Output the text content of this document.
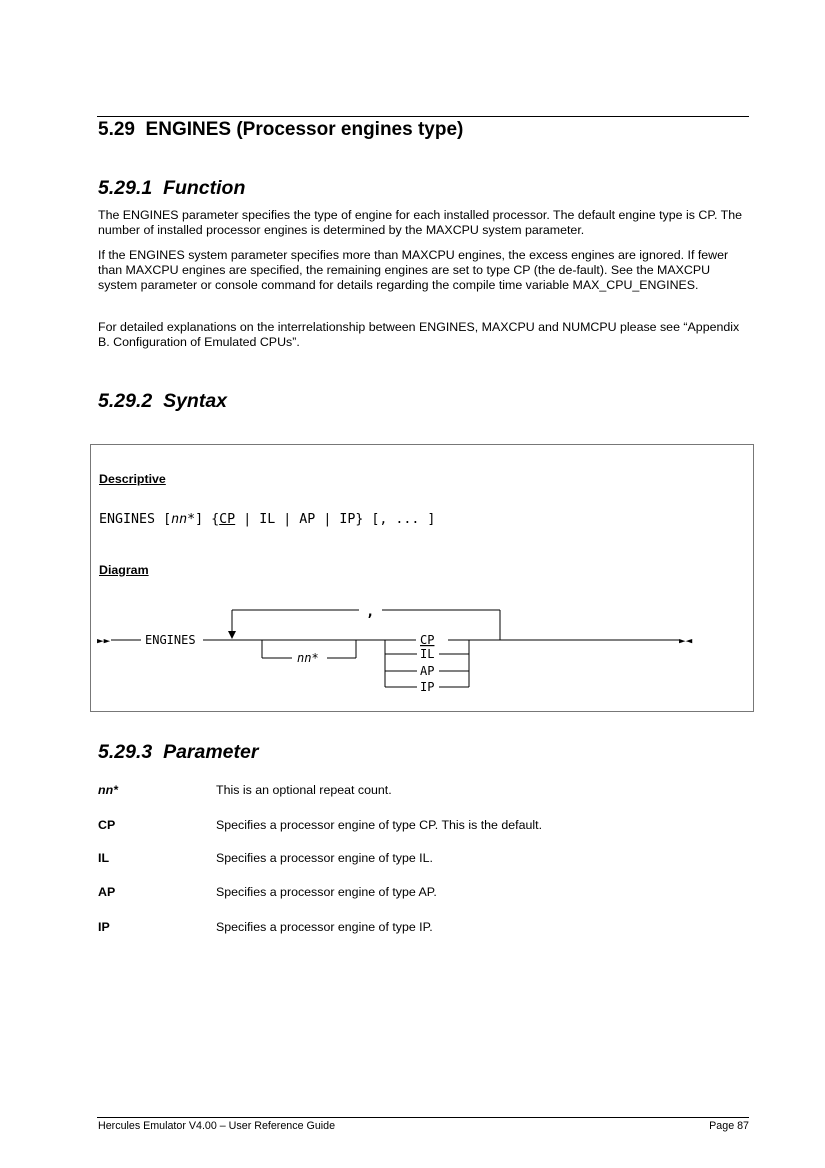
5.29 ENGINES (Processor engines type)
5.29.1 Function

The ENGINES parameter specifies the type of engine for each installed processor. The default engine type is CP. The number of installed processor engines is determined by the MAXCPU system parameter.

If the ENGINES system parameter specifies more than MAXCPU engines, the excess engines are ignored. If fewer than MAXCPU engines are specified, the remaining engines are set to type CP (the de-fault). See the MAXCPU system parameter or console command for details regarding the compile time variable MAX_CPU_ENGINES.

For detailed explanations on the interrelationship between ENGINES, MAXCPU and NUMCPU please see “Appendix B. Configuration of Emulated CPUs”.

5.29.2 Syntax
Descriptive
ENGINES [nn*] {CP | IL | AP | IP} [, ... ]
Diagram
►►	ENGINES
,
nn*
CP
IL
AP
IP
►◄
5.29.3 Parameter
nn*	This is an optional repeat count.
CP	Specifies a processor engine of type CP. This is the default.
IL	Specifies a processor engine of type IL.
AP	Specifies a processor engine of type AP.
IP	Specifies a processor engine of type IP.
Hercules Emulator V4.00 – User Reference Guide	Page 87
